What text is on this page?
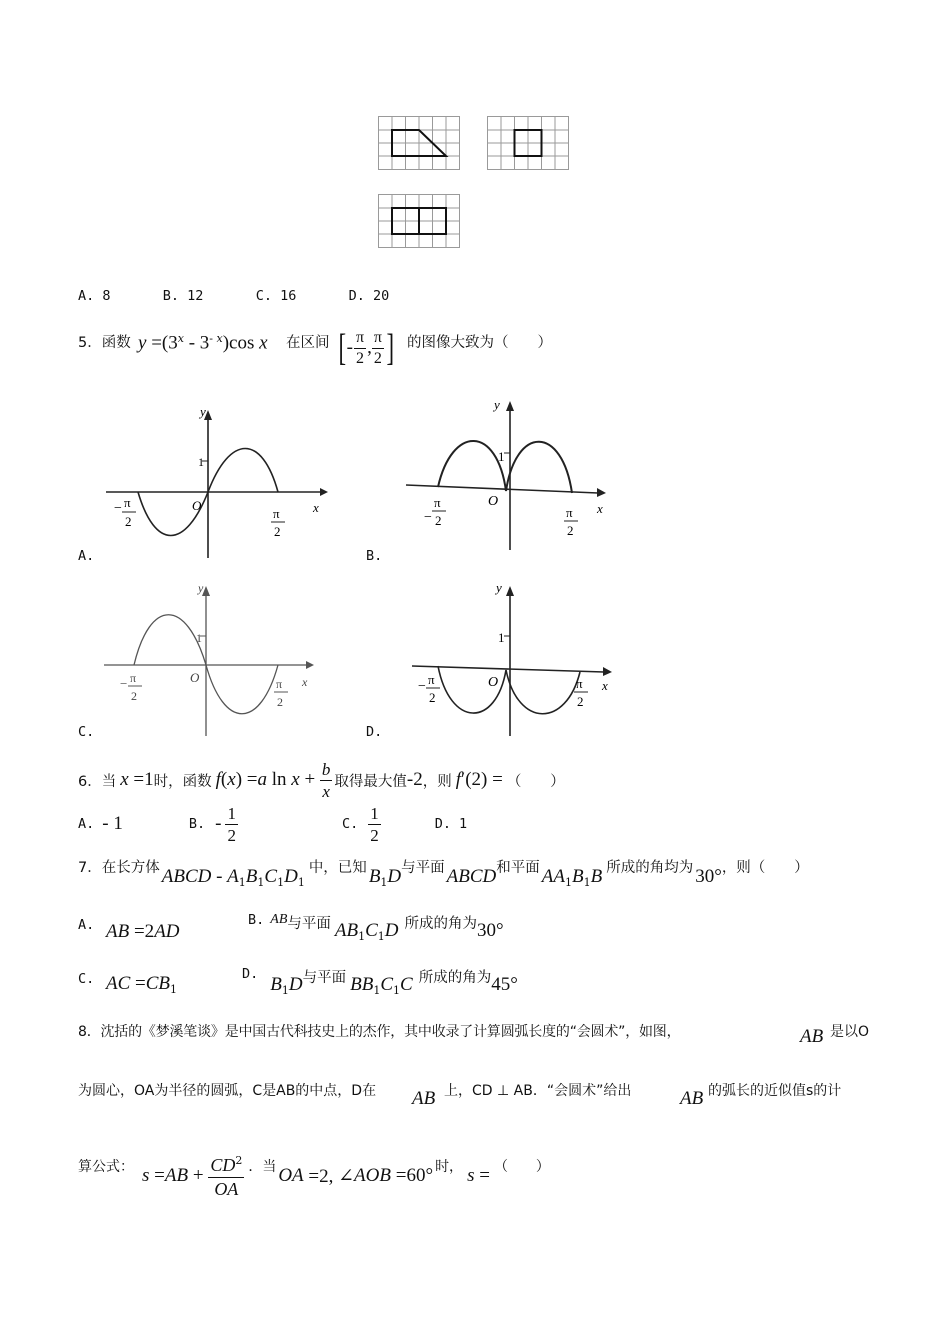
A. 8	B. 12	C. 16	D. 20
5．函数 $y =(3^x - 3^{- x})\cos$ x 在区间 [ - $\frac{\pi}{2}$ , $\frac{\pi}{2}$ ] 的图像大致为（　　）
y
x
O
1
− π
2
π
2
A.
y
x
O
1
−
π
2
π
2
B.
y
x
O
1
− π
2
π
2
C.
y
x
O
1
− π
2
π
2
D.
6．当 x =1 时，函数 f ( x ) = a $\ln x + \frac{b}{x}$ 取得最大值 -2 ，则 f ′(2) = （　　）
A. - 1	B. - $\frac{1}{2}$	C. $\frac{1}{2}$	D. 1
7．在长方体 ABCD - $A_1B_1C_1D_1$
中，已知 $B_1D$ 与平面 ABCD 和平面 $AA_1B_1B$ 所成的角均为 30° ，则（　　）
A. AB =2AD
B. AB 与平面 $AB_1C_1D$ 所成的角为 30°
C. AC $=CB_1$
D. $B_1D$ 与平面 $BB_1C_1C$ 所成的角为 45°
8．沈括的《梦溪笔谈》是中国古代科技史上的杰作，其中收录了计算圆弧长度的“会圆术”，如图，	AB 是以O
为圆心，OA为半径的圆弧，C是AB的中点，D在 AB 上，CD ⊥ AB．“会圆术”给出	AB 的弧长的近似值s的计
算公式： s = AB + $\frac{CD^2}{OA}$ ．当 OA =2, ∠ AOB =60° 时， s = （　　）
